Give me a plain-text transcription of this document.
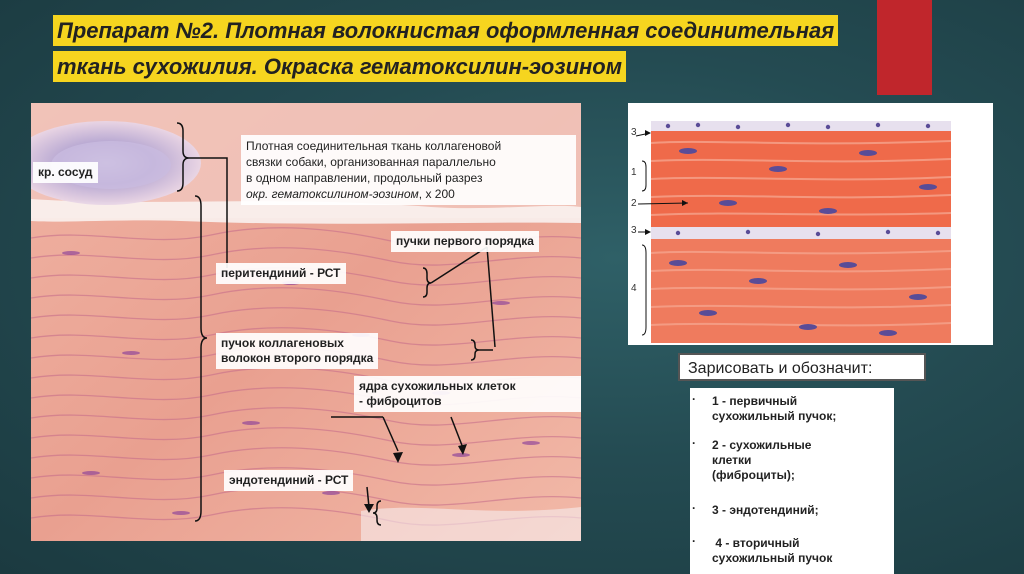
Препарат №2. Плотная волокнистая оформленная соединительная
ткань сухожилия. Окраска гематоксилин-эозином
кр. сосуд
Плотная соединительная ткань коллагеновой
связки собаки, организованная параллельно
в одном направлении, продольный разрез
окр. гематоксилином-эозином, х 200
пучки первого порядка
перитендиний - РСТ
пучок коллагеновых
волокон второго порядка
ядра сухожильных клеток
- фиброцитов
эндотендиний - РСТ
3
1
2
3
4
Зарисовать и обозначит:
·	1 - первичный
сухожильный пучок;
·	2 - сухожильные
клетки
(фиброциты);
·	3 - эндотендиний;
·	4 - вторичный
сухожильный пучок
